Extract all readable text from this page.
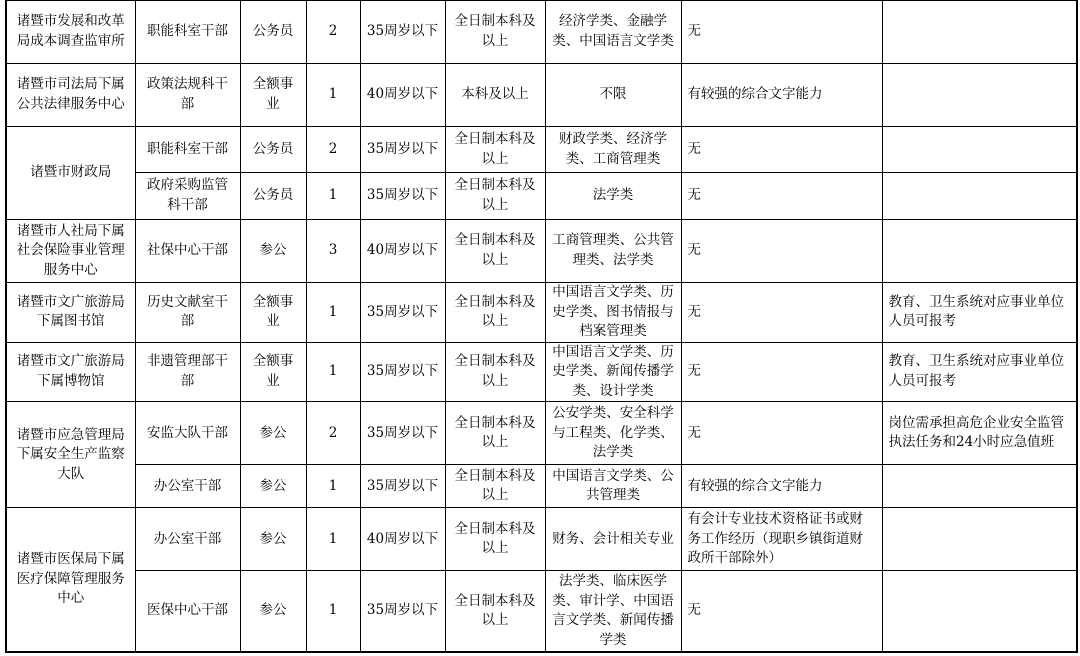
诸暨市发展和改革局成本调查监审所	职能科室干部	公务员	2	35周岁以下	全日制本科及以上	经济学类、金融学类、中国语言文学类	无	
诸暨市司法局下属公共法律服务中心	政策法规科干部	全额事业	1	40周岁以下	本科及以上	不限	有较强的综合文字能力	
诸暨市财政局	职能科室干部	公务员	2	35周岁以下	全日制本科及以上	财政学类、经济学类、工商管理类	无	
	政府采购监管科干部	公务员	1	35周岁以下	全日制本科及以上	法学类	无	
诸暨市人社局下属社会保险事业管理服务中心	社保中心干部	参公	3	40周岁以下	全日制本科及以上	工商管理类、公共管理类、法学类	无	
诸暨市文广旅游局下属图书馆	历史文献室干部	全额事业	1	35周岁以下	全日制本科及以上	中国语言文学类、历史学类、图书情报与档案管理类	无	教育、卫生系统对应事业单位人员可报考
诸暨市文广旅游局下属博物馆	非遗管理部干部	全额事业	1	35周岁以下	全日制本科及以上	中国语言文学类、历史学类、新闻传播学类、设计学类	无	教育、卫生系统对应事业单位人员可报考
诸暨市应急管理局下属安全生产监察大队	安监大队干部	参公	2	35周岁以下	全日制本科及以上	公安学类、安全科学与工程类、化学类、法学类	无	岗位需承担高危企业安全监管执法任务和24小时应急值班
	办公室干部	参公	1	35周岁以下	全日制本科及以上	中国语言文学类、公共管理类	有较强的综合文字能力	
诸暨市医保局下属医疗保障管理服务中心	办公室干部	参公	1	40周岁以下	全日制本科及以上	财务、会计相关专业	有会计专业技术资格证书或财务工作经历（现职乡镇街道财政所干部除外）	
	医保中心干部	参公	1	35周岁以下	全日制本科及以上	法学类、临床医学类、审计学、中国语言文学类、新闻传播学类	无	
